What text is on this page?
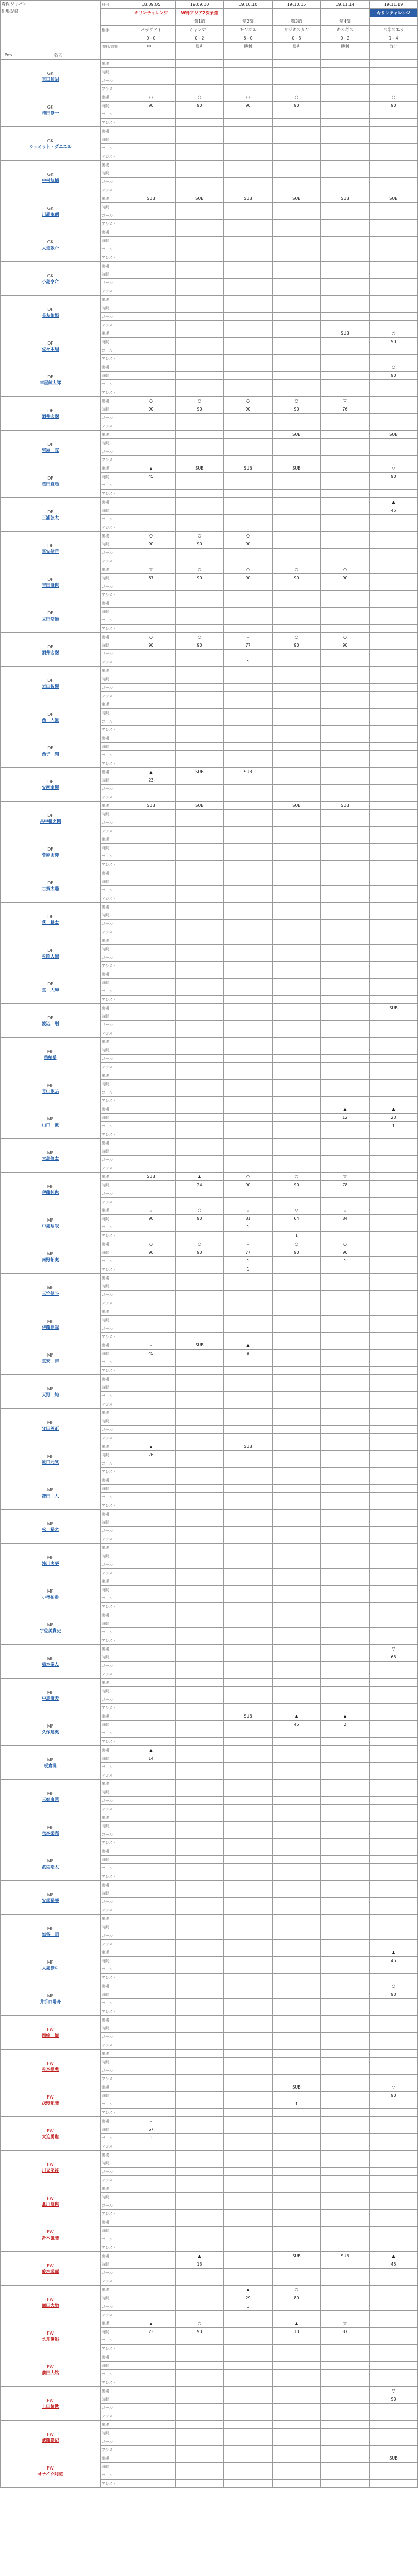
森保ジャパン
出場記録		日付	18.09.05	19.09.10	19.10.10	19.10.15	19.11.14	19.11.19
			キリンチャレンジ	W杯アジア2次予選				キリンチャレンジ
				第1節	第2節	第3節	第4節	
		相手	パラグアイ	ミャンマー	モンゴル	タジキスタン	キルギス	ベネズエラ
			0 - 0	0 - 2	6 - 0	0 - 3	0 - 2	1 - 4
		勝敗/結果	中止	勝利	勝利	勝利	勝利	敗北
Pos	名前							

GK
東口順昭		出場						
		時間						
		ゴール						
		アシスト						

GK
権田修一		出場	○	○	○	○		○
		時間	90	90	90	90		90
		ゴール						
		アシスト						

GK
シュミット・ダニエル		出場						
		時間						
		ゴール						
		アシスト						

GK
中村航輔		出場						
		時間						
		ゴール						
		アシスト						

GK
川島永嗣		出場	SUB	SUB	SUB	SUB	SUB	SUB
		時間						
		ゴール						
		アシスト						

GK
大迫敬介		出場						
		時間						
		ゴール						
		アシスト						

GK
小島亨介		出場						
		時間						
		ゴール						
		アシスト						

DF
長友佑都		出場						
		時間						
		ゴール						
		アシスト						

DF
佐々木翔		出場					SUB	○
		時間						90
		ゴール						
		アシスト						

DF
車屋紳太郎		出場						○
		時間						90
		ゴール						
		アシスト						

DF
酒井宏樹		出場	○	○	○	○	▽	
		時間	90	90	90	90	76	
		ゴール						
		アシスト						

DF
室屋　成		出場				SUB		SUB
		時間						
		ゴール						
		アシスト						

DF
植田直通		出場	▲	SUB	SUB	SUB		▽
		時間	45					90
		ゴール						
		アシスト						

DF
三浦弦太		出場						▲
		時間						45
		ゴール						
		アシスト						

DF
冨安健洋		出場	○	○	○			
		時間	90	90	90			
		ゴール						
		アシスト						

DF
吉田麻也		出場	▽	○	○	○	○	
		時間	67	90	90	90	90	
		ゴール						
		アシスト						

DF
立田悠悟		出場						
		時間						
		ゴール						
		アシスト						

DF
酒井宏樹		出場	○	○	▽	○	○	
		時間	90	90	77	90	90	
		ゴール						
		アシスト			1			

DF
岩田智輝		出場						
		時間						
		ゴール						
		アシスト						

DF
西　大伍		出場						
		時間						
		ゴール						
		アシスト						

DF
西子　潤		出場						
		時間						
		ゴール						
		アシスト						

DF
安西幸輝		出場	▲	SUB	SUB			
		時間	23					
		ゴール						
		アシスト						

DF
畠中槙之輔		出場	SUB	SUB		SUB	SUB	
		時間						
		ゴール						
		アシスト						

DF
菅原由勢		出場						
		時間						
		ゴール						
		アシスト						

DF
古賀太陽		出場						
		時間						
		ゴール						
		アシスト						

DF
荻　耕太		出場						
		時間						
		ゴール						
		アシスト						

DF
杉岡大暉		出場						
		時間						
		ゴール						
		アシスト						

DF
堂　大輝		出場						
		時間						
		ゴール						
		アシスト						

DF
渡辺　剛		出場						SUB
		時間						
		ゴール						
		アシスト						

MF
柴崎岳		出場						
		時間						
		ゴール						
		アシスト						

MF
青山敏弘		出場						
		時間						
		ゴール						
		アシスト						

MF
山口　蛍		出場					▲	▲
		時間					12	23
		ゴール						1
		アシスト						

MF
大島僚太		出場						
		時間						
		ゴール						
		アシスト						

MF
伊藤純也		出場	SUB	▲	○	○	▽	
		時間		24	90	90	78	
		ゴール						
		アシスト						

MF
中島翔哉		出場	▽	○	▽	▽	▽	
		時間	90	90	81	64	84	
		ゴール			1			
		アシスト				1		

MF
南野拓実		出場	○	○	▽	○	○	
		時間	90	90	77	90	90	
		ゴール			1		1	
		アシスト			1			

MF
三竿健斗		出場						
		時間						
		ゴール						
		アシスト						

MF
伊藤達哉		出場						
		時間						
		ゴール						
		アシスト						

MF
堂安　律		出場	▽	SUB	▲			
		時間	45		9			
		ゴール						
		アシスト						

MF
天野　純		出場						
		時間						
		ゴール						
		アシスト						

MF
守田英正		出場						
		時間						
		ゴール						
		アシスト						

MF
原口元気		出場	▲		SUB			
		時間	76					
		ゴール						
		アシスト						

MF
鎌田　大		出場						
		時間						
		ゴール						
		アシスト						

MF
松　裕之		出場						
		時間						
		ゴール						
		アシスト						

MF
浅川実夢		出場						
		時間						
		ゴール						
		アシスト						

MF
小林祐希		出場						
		時間						
		ゴール						
		アシスト						

MF
宇佐美貴史		出場						
		時間						
		ゴール						
		アシスト						

MF
橋本拳人		出場						▽
		時間						65
		ゴール						
		アシスト						

MF
中島康夫		出場						
		時間						
		ゴール						
		アシスト						

MF
久保建英		出場			SUB	▲	▲	
		時間				45	2	
		ゴール						
		アシスト						

MF
板倉滉		出場	▲					
		時間	14					
		ゴール						
		アシスト						

MF
三好康児		出場						
		時間						
		ゴール						
		アシスト						

MF
松本泰志		出場						
		時間						
		ゴール						
		アシスト						

MF
渡辺晧太		出場						
		時間						
		ゴール						
		アシスト						

MF
安部裕葵		出場						
		時間						
		ゴール						
		アシスト						

MF
塩谷　司		出場						
		時間						
		ゴール						
		アシスト						

MF
大島僚斗		出場						▲
		時間						45
		ゴール						
		アシスト						

MF
井手口陽介		出場						○
		時間						90
		ゴール						
		アシスト						

FW
岡崎　慎		出場						
		時間						
		ゴール						
		アシスト						

FW
杉本健勇		出場						
		時間						
		ゴール						
		アシスト						

FW
浅野拓磨		出場				SUB		▽
		時間						90
		ゴール				1		
		アシスト						

FW
大迫勇也		出場	▽					
		時間	67					
		ゴール	1					
		アシスト						

FW
川又堅碁		出場						
		時間						
		ゴール						
		アシスト						

FW
北川航也		出場						
		時間						
		ゴール						
		アシスト						

FW
鈴木優磨		出場						
		時間						
		ゴール						
		アシスト						

FW
鈴木武蔵		出場		▲		SUB	SUB	▲
		時間		13				45
		ゴール						
		アシスト						

FW
鎌田大地		出場			▲	○		
		時間			29	80		
		ゴール			1			
		アシスト						

FW
永井謙佑		出場	▲	○		▲	▽	
		時間	23	90		10	87	
		ゴール						
		アシスト						

FW
前田大然		出場						
		時間						
		ゴール						
		アシスト						

FW
上田綺世		出場						▽
		時間						90
		ゴール						
		アシスト						

FW
武藤嘉紀		出場						
		時間						
		ゴール						
		アシスト						

FW
オナイウ阿道		出場						SUB
		時間						
		ゴール						
		アシスト						
